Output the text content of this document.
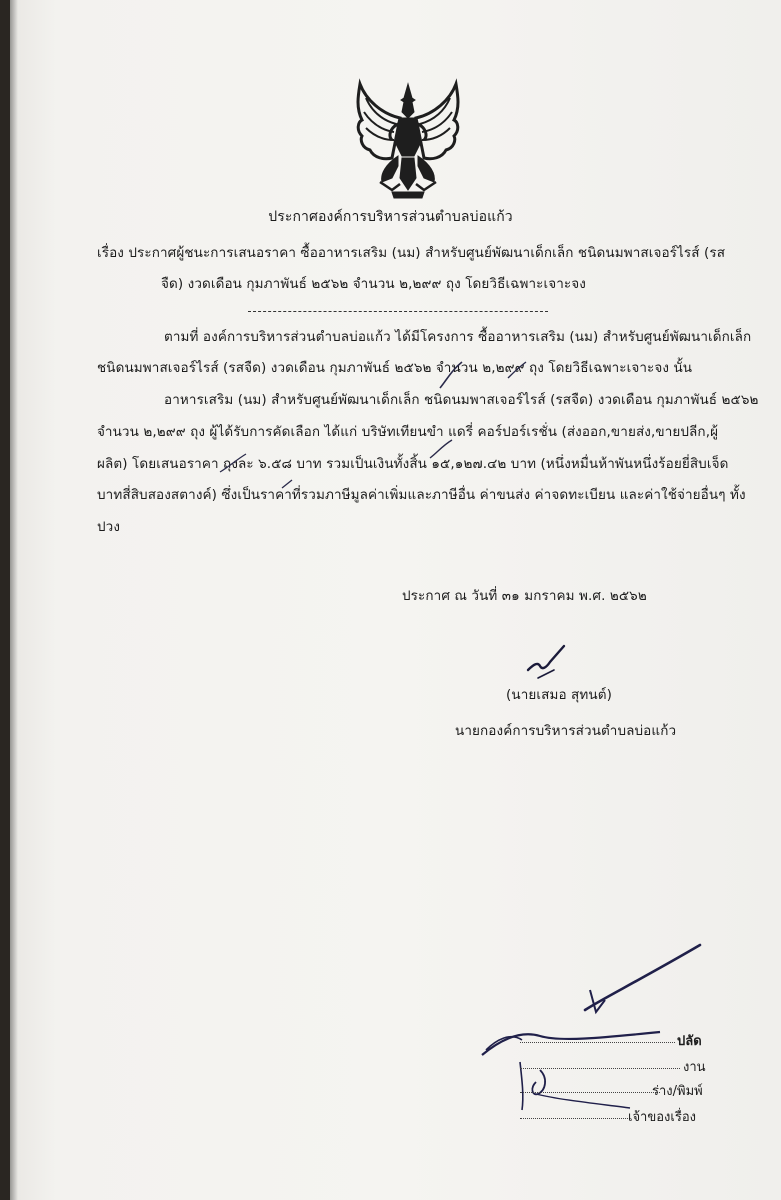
ประกาศองค์การบริหารส่วนตำบลบ่อแก้ว
เรื่อง ประกาศผู้ชนะการเสนอราคา ซื้ออาหารเสริม (นม) สำหรับศูนย์พัฒนาเด็กเล็ก ชนิดนมพาสเจอร์ไรส์ (รส
จืด) งวดเดือน กุมภาพันธ์ ๒๕๖๒ จำนวน ๒,๒๙๙ ถุง โดยวิธีเฉพาะเจาะจง
ตามที่ องค์การบริหารส่วนตำบลบ่อแก้ว ได้มีโครงการ ซื้ออาหารเสริม (นม) สำหรับศูนย์พัฒนาเด็กเล็ก
ชนิดนมพาสเจอร์ไรส์ (รสจืด) งวดเดือน กุมภาพันธ์ ๒๕๖๒ จำนวน ๒,๒๙๙ ถุง โดยวิธีเฉพาะเจาะจง นั้น
อาหารเสริม (นม) สำหรับศูนย์พัฒนาเด็กเล็ก ชนิดนมพาสเจอร์ไรส์ (รสจืด) งวดเดือน กุมภาพันธ์ ๒๕๖๒
จำนวน ๒,๒๙๙ ถุง ผู้ได้รับการคัดเลือก ได้แก่ บริษัทเทียนขำ แดรี่ คอร์ปอร์เรชั่น (ส่งออก,ขายส่ง,ขายปลีก,ผู้
ผลิต) โดยเสนอราคา ถุงละ ๖.๕๘ บาท รวมเป็นเงินทั้งสิ้น ๑๕,๑๒๗.๔๒ บาท (หนึ่งหมื่นห้าพันหนึ่งร้อยยี่สิบเจ็ด
บาทสี่สิบสองสตางค์) ซึ่งเป็นราคาที่รวมภาษีมูลค่าเพิ่มและภาษีอื่น ค่าขนส่ง ค่าจดทะเบียน และค่าใช้จ่ายอื่นๆ ทั้ง
ปวง
ประกาศ ณ วันที่ ๓๑ มกราคม พ.ศ. ๒๕๖๒
(นายเสมอ สุทนต์)
นายกองค์การบริหารส่วนตำบลบ่อแก้ว
ปลัด
งาน
ร่าง/พิมพ์
เจ้าของเรื่อง
